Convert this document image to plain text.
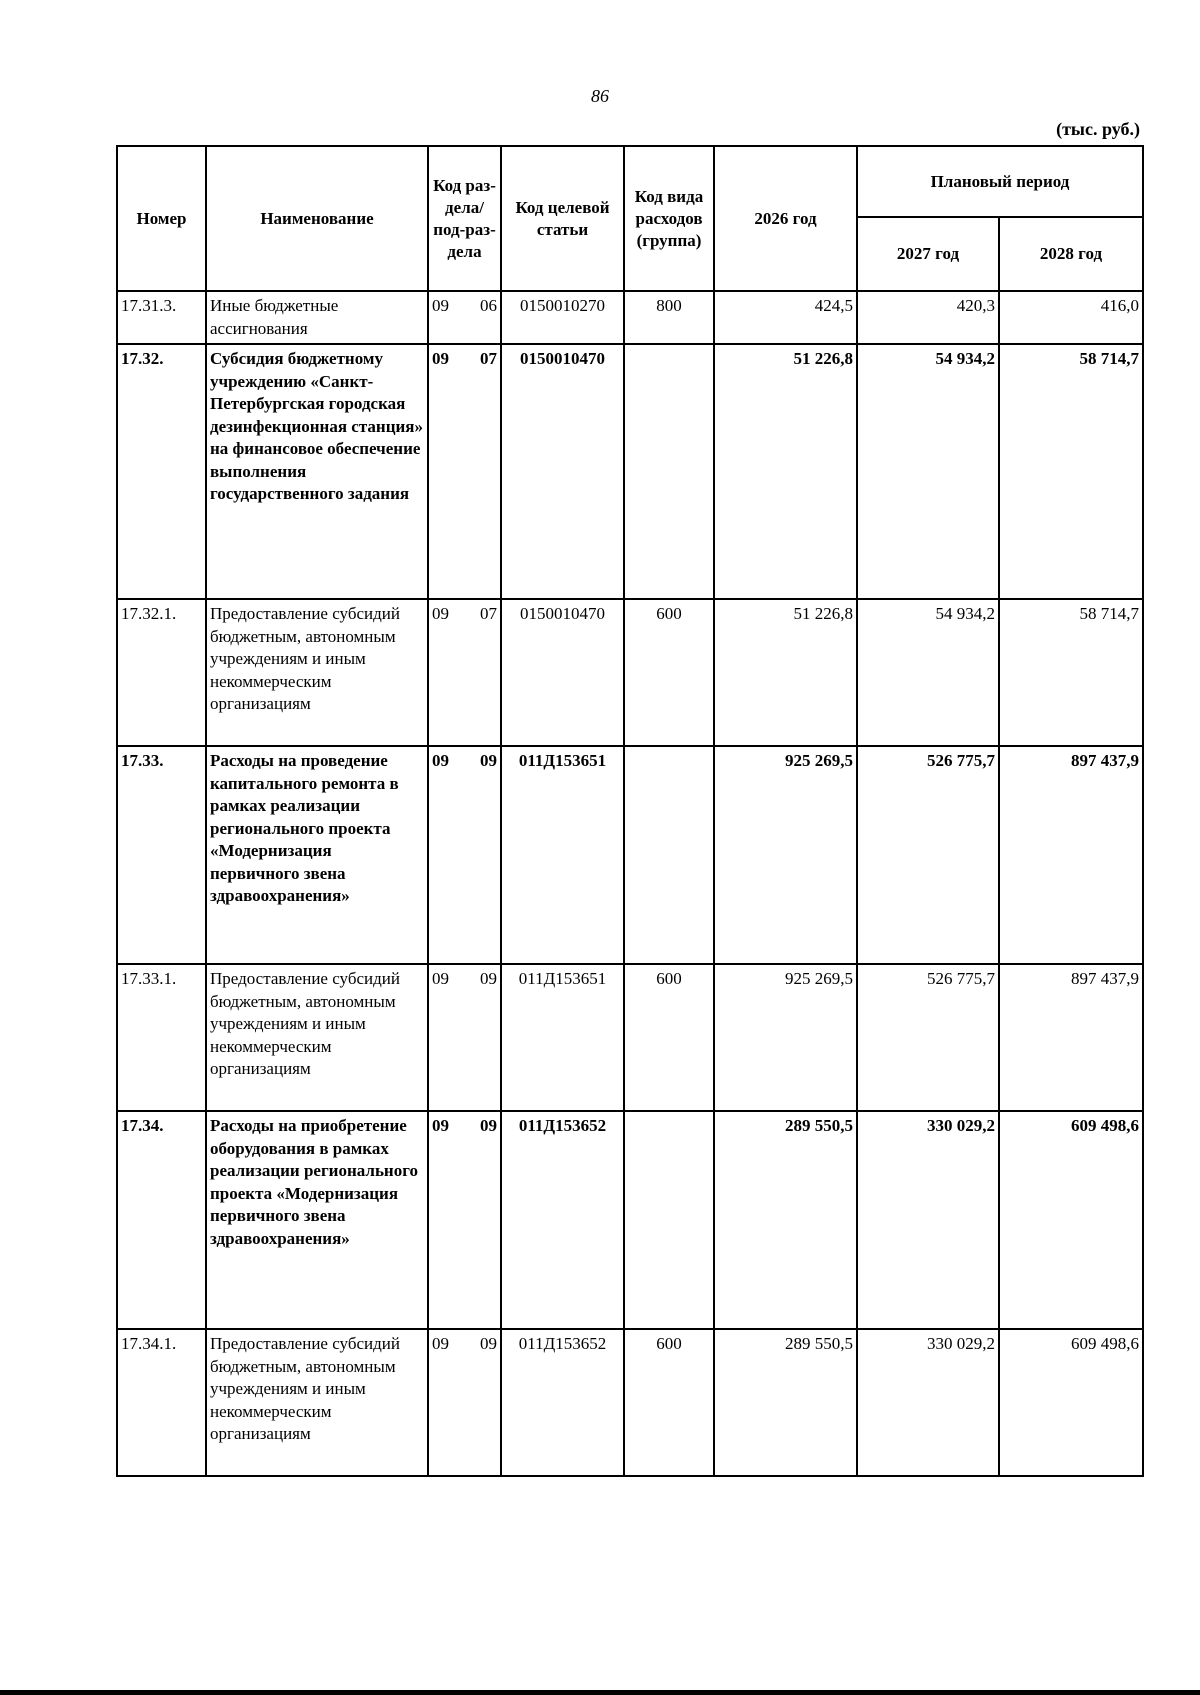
86
(тыс. руб.)
Номер	Наименование	Код раз-дела/ под-раз-дела	Код целевой статьи	Код вида расходов (группа)	2026 год	Плановый период	
						2027 год	2028 год
17.31.3.	Иные бюджетные ассигнования	09 06	0150010270	800	424,5	420,3	416,0
17.32.	Субсидия бюджетному учреждению «Санкт-Петербургская городская дезинфекционная станция» на финансовое обеспечение выполнения государственного задания	09 07	0150010470		51 226,8	54 934,2	58 714,7
17.32.1.	Предоставление субсидий бюджетным, автономным учреждениям и иным некоммерческим организациям	09 07	0150010470	600	51 226,8	54 934,2	58 714,7
17.33.	Расходы на проведение капитального ремонта в рамках реализации регионального проекта «Модернизация первичного звена здравоохранения»	09 09	011Д153651		925 269,5	526 775,7	897 437,9
17.33.1.	Предоставление субсидий бюджетным, автономным учреждениям и иным некоммерческим организациям	09 09	011Д153651	600	925 269,5	526 775,7	897 437,9
17.34.	Расходы на приобретение оборудования в рамках реализации регионального проекта «Модернизация первичного звена здравоохранения»	09 09	011Д153652		289 550,5	330 029,2	609 498,6
17.34.1.	Предоставление субсидий бюджетным, автономным учреждениям и иным некоммерческим организациям	09 09	011Д153652	600	289 550,5	330 029,2	609 498,6
